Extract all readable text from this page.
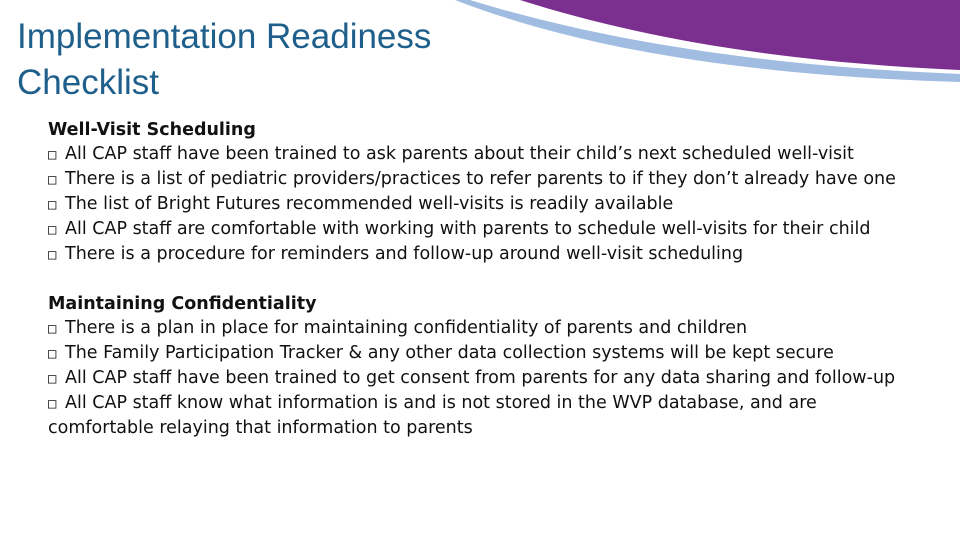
Implementation Readiness Checklist
Well-Visit Scheduling
□ All CAP staff have been trained to ask parents about their child’s next scheduled well-visit
□ There is a list of pediatric providers/practices to refer parents to if they don’t already have one
□ The list of Bright Futures recommended well-visits is readily available
□ All CAP staff are comfortable with working with parents to schedule well-visits for their child
□ There is a procedure for reminders and follow-up around well-visit scheduling
Maintaining Confidentiality
□ There is a plan in place for maintaining confidentiality of parents and children
□ The Family Participation Tracker & any other data collection systems will be kept secure
□ All CAP staff have been trained to get consent from parents for any data sharing and follow-up
□ All CAP staff know what information is and is not stored in the WVP database, and are comfortable relaying that information to parents
